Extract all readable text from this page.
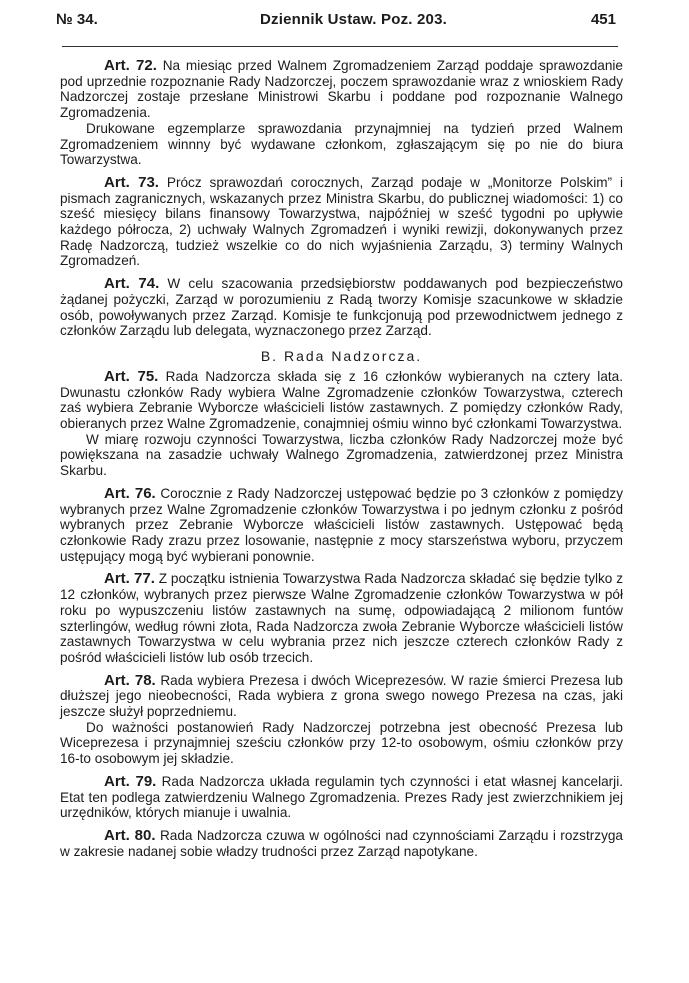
№ 34.	Dziennik Ustaw. Poz. 203.	451

Art. 72. Na miesiąc przed Walnem Zgromadzeniem Zarząd poddaje sprawozdanie pod uprzednie rozpoznanie Rady Nadzorczej, poczem sprawozdanie wraz z wnioskiem Rady Nadzorczej zostaje przesłane Ministrowi Skarbu i poddane pod rozpoznanie Walnego Zgromadzenia.

Drukowane egzemplarze sprawozdania przynajmniej na tydzień przed Walnem Zgromadzeniem winnny być wydawane członkom, zgłaszającym się po nie do biura Towarzystwa.

Art. 73. Prócz sprawozdań corocznych, Zarząd podaje w „Monitorze Polskim” i pismach zagranicznych, wskazanych przez Ministra Skarbu, do publicznej wiadomości: 1) co sześć miesięcy bilans finansowy Towarzystwa, najpóźniej w sześć tygodni po upływie każdego półrocza, 2) uchwały Walnych Zgromadzeń i wyniki rewizji, dokonywanych przez Radę Nadzorczą, tudzież wszelkie co do nich wyjaśnienia Zarządu, 3) terminy Walnych Zgromadzeń.

Art. 74. W celu szacowania przedsiębiorstw poddawanych pod bezpieczeństwo żądanej pożyczki, Zarząd w porozumieniu z Radą tworzy Komisje szacunkowe w składzie osób, powoływanych przez Zarząd. Komisje te funkcjonują pod przewodnictwem jednego z członków Zarządu lub delegata, wyznaczonego przez Zarząd.

B. Rada Nadzorcza.

Art. 75. Rada Nadzorcza składa się z 16 członków wybieranych na cztery lata. Dwunastu członków Rady wybiera Walne Zgromadzenie członków Towarzystwa, czterech zaś wybiera Zebranie Wyborcze właścicieli listów zastawnych. Z pomiędzy członków Rady, obieranych przez Walne Zgromadzenie, conajmniej ośmiu winno być członkami Towarzystwa.

W miarę rozwoju czynności Towarzystwa, liczba członków Rady Nadzorczej może być powiększana na zasadzie uchwały Walnego Zgromadzenia, zatwierdzonej przez Ministra Skarbu.

Art. 76. Corocznie z Rady Nadzorczej ustępować będzie po 3 członków z pomiędzy wybranych przez Walne Zgromadzenie członków Towarzystwa i po jednym członku z pośród wybranych przez Zebranie Wyborcze właścicieli listów zastawnych. Ustępować będą członkowie Rady zrazu przez losowanie, następnie z mocy starszeństwa wyboru, przyczem ustępujący mogą być wybierani ponownie.

Art. 77. Z początku istnienia Towarzystwa Rada Nadzorcza składać się będzie tylko z 12 członków, wybranych przez pierwsze Walne Zgromadzenie członków Towarzystwa w pół roku po wypuszczeniu listów zastawnych na sumę, odpowiadającą 2 milionom funtów szterlingów, według równi złota, Rada Nadzorcza zwoła Zebranie Wyborcze właścicieli listów zastawnych Towarzystwa w celu wybrania przez nich jeszcze czterech członków Rady z pośród właścicieli listów lub osób trzecich.

Art. 78. Rada wybiera Prezesa i dwóch Wiceprezesów. W razie śmierci Prezesa lub dłuższej jego nieobecności, Rada wybiera z grona swego nowego Prezesa na czas, jaki jeszcze służył poprzedniemu.

Do ważności postanowień Rady Nadzorczej potrzebna jest obecność Prezesa lub Wiceprezesa i przynajmniej sześciu członków przy 12-to osobowym, ośmiu członków przy 16-to osobowym jej składzie.

Art. 79. Rada Nadzorcza układa regulamin tych czynności i etat własnej kancelarji. Etat ten podlega zatwierdzeniu Walnego Zgromadzenia. Prezes Rady jest zwierzchnikiem jej urzędników, których mianuje i uwalnia.

Art. 80. Rada Nadzorcza czuwa w ogólności nad czynnościami Zarządu i rozstrzyga w zakresie nadanej sobie władzy trudności przez Zarząd napotykane.
